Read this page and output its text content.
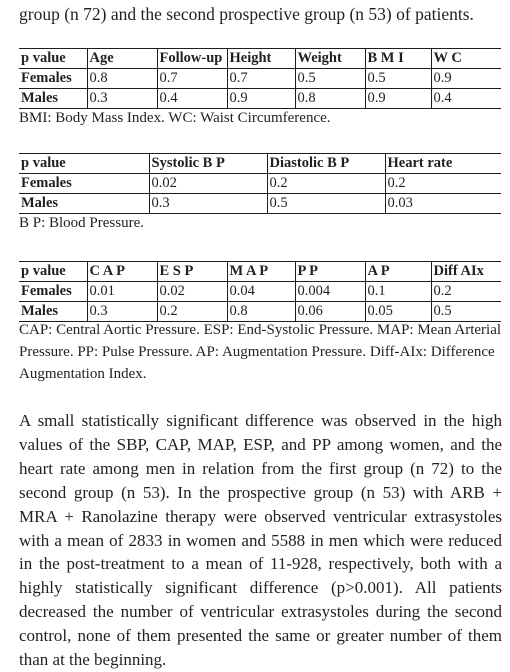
group (n 72) and the second prospective group (n 53) of patients.
p value	Age	Follow-up	Height	Weight	B M I	W C
Females	0.8	0.7	0.7	0.5	0.5	0.9
Males	0.3	0.4	0.9	0.8	0.9	0.4
BMI: Body Mass Index. WC: Waist Circumference.
p value	Systolic B P	Diastolic B P	Heart rate
Females	0.02	0.2	0.2
Males	0.3	0.5	0.03
B P: Blood Pressure.
p value	C A P	E S P	M A P	P P	A P	Diff AIx
Females	0.01	0.02	0.04	0.004	0.1	0.2
Males	0.3	0.2	0.8	0.06	0.05	0.5
CAP: Central Aortic Pressure. ESP: End-Systolic Pressure. MAP: Mean Arterial Pressure. PP: Pulse Pressure. AP: Augmentation Pressure. Diff-AIx: Difference Augmentation Index.
A small statistically significant difference was observed in the high values of the SBP, CAP, MAP, ESP, and PP among women, and the heart rate among men in relation from the first group (n 72) to the second group (n 53). In the prospective group (n 53) with ARB + MRA + Ranolazine therapy were observed ventricular extrasystoles with a mean of 2833 in women and 5588 in men which were reduced in the post-treatment to a mean of 11-928, respectively, both with a highly statistically significant difference (p>0.001). All patients decreased the number of ventricular extrasystoles during the second control, none of them presented the same or greater number of them than at the beginning.
